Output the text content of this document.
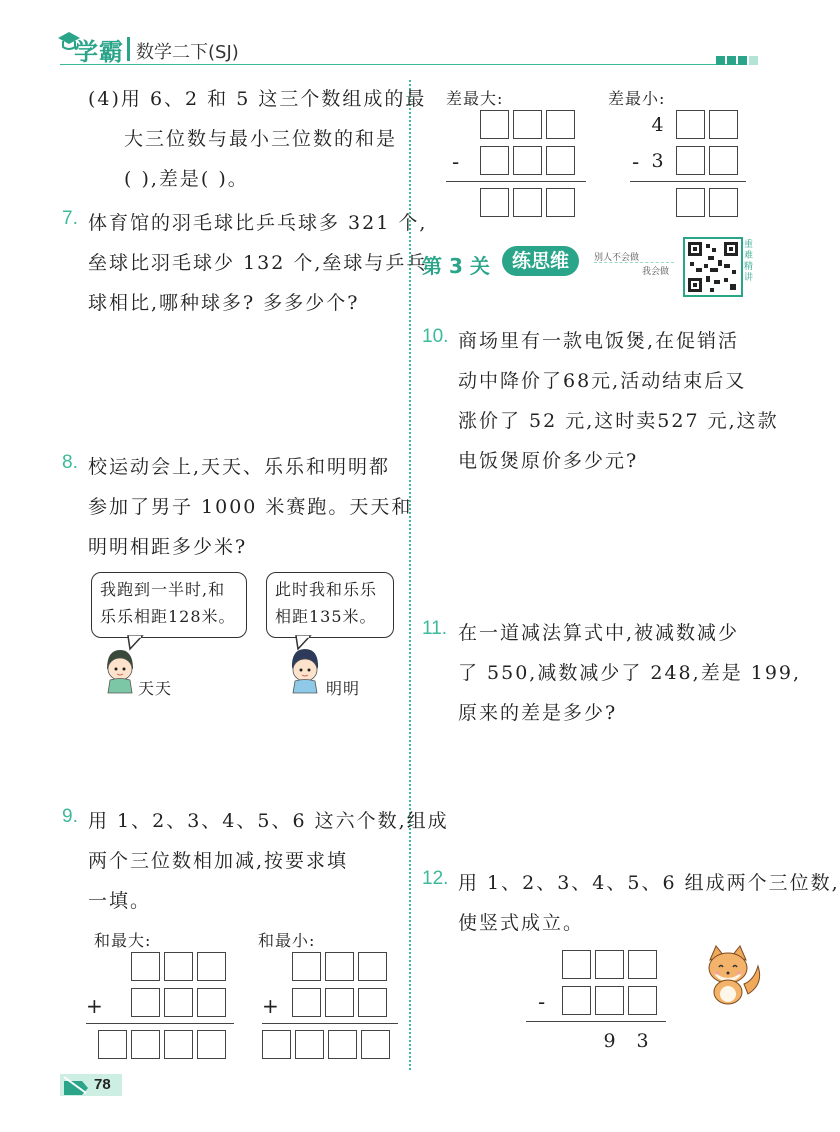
学霸 数学二下(SJ)
(4)用 6、2 和 5 这三个数组成的最
大三位数与最小三位数的和是
( ),差是( )。
7. 体育馆的羽毛球比乒乓球多 321 个,
垒球比羽毛球少 132 个,垒球与乒乓
球相比,哪种球多? 多多少个?
8. 校运动会上,天天、乐乐和明明都
参加了男子 1000 米赛跑。天天和
明明相距多少米?
我跑到一半时,和
乐乐相距128米。
此时我和乐乐
相距135米。
天天	明明
9. 用 1、2、3、4、5、6 这六个数,组成
两个三位数相加减,按要求填
一填。
和最大:	和最小:
+	+
78
差最大:	差最小:
-
4
- 3
第 3 关	练思维	别人不会做
我会做
重难精讲
10. 商场里有一款电饭煲,在促销活
动中降价了68元,活动结束后又
涨价了 52 元,这时卖527 元,这款
电饭煲原价多少元?
11. 在一道减法算式中,被减数减少
了 550,减数减少了 248,差是 199,
原来的差是多少?
12. 用 1、2、3、4、5、6 组成两个三位数,
使竖式成立。
-
9	3
